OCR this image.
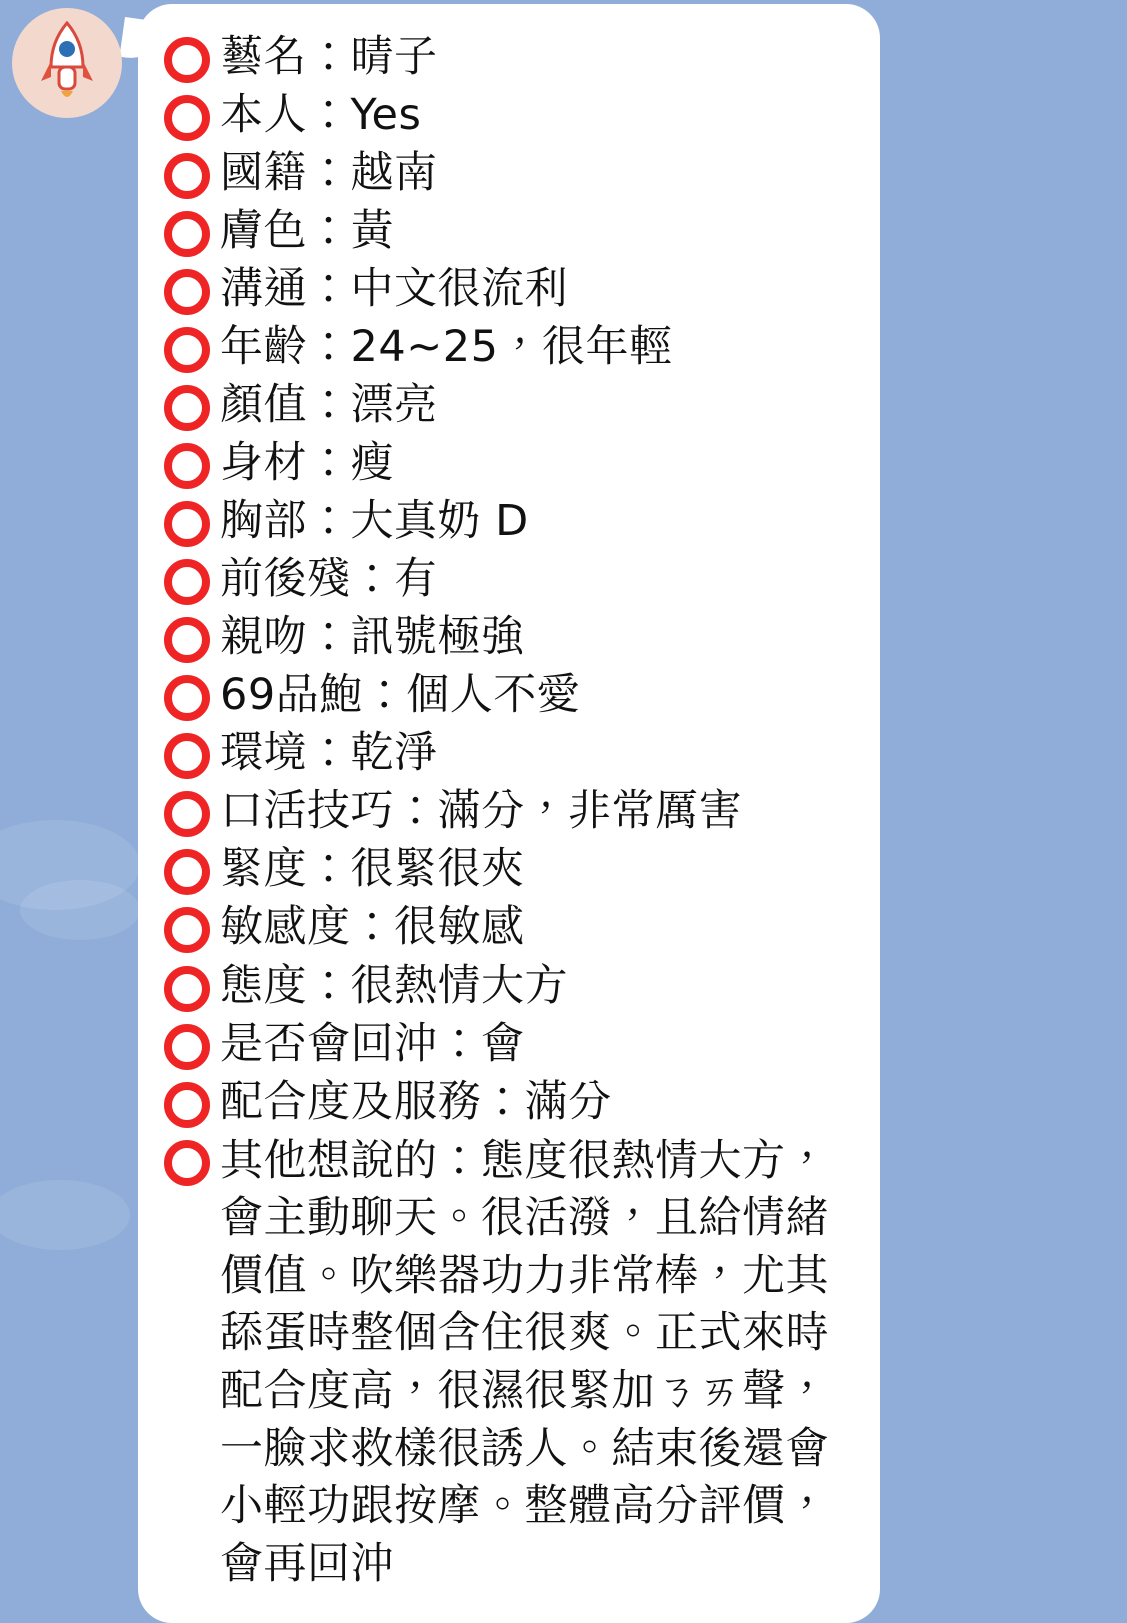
藝名：晴子
本人：Yes
國籍：越南
膚色：黃
溝通：中文很流利
年齡：24~25，很年輕
顏值：漂亮
身材：瘦
胸部：大真奶 D
前後殘：有
親吻：訊號極強
69品鮑：個人不愛
環境：乾淨
口活技巧：滿分，非常厲害
緊度：很緊很夾
敏感度：很敏感
態度：很熱情大方
是否會回沖：會
配合度及服務：滿分

其他想說的：態度很熱情大方，會主動聊天。很活潑，且給情緒價值。吹樂器功力非常棒，尤其舔蛋時整個含住很爽。正式來時配合度高，很濕很緊加ㄋㄞ聲，一臉求救樣很誘人。結束後還會小輕功跟按摩。整體高分評價，會再回沖
